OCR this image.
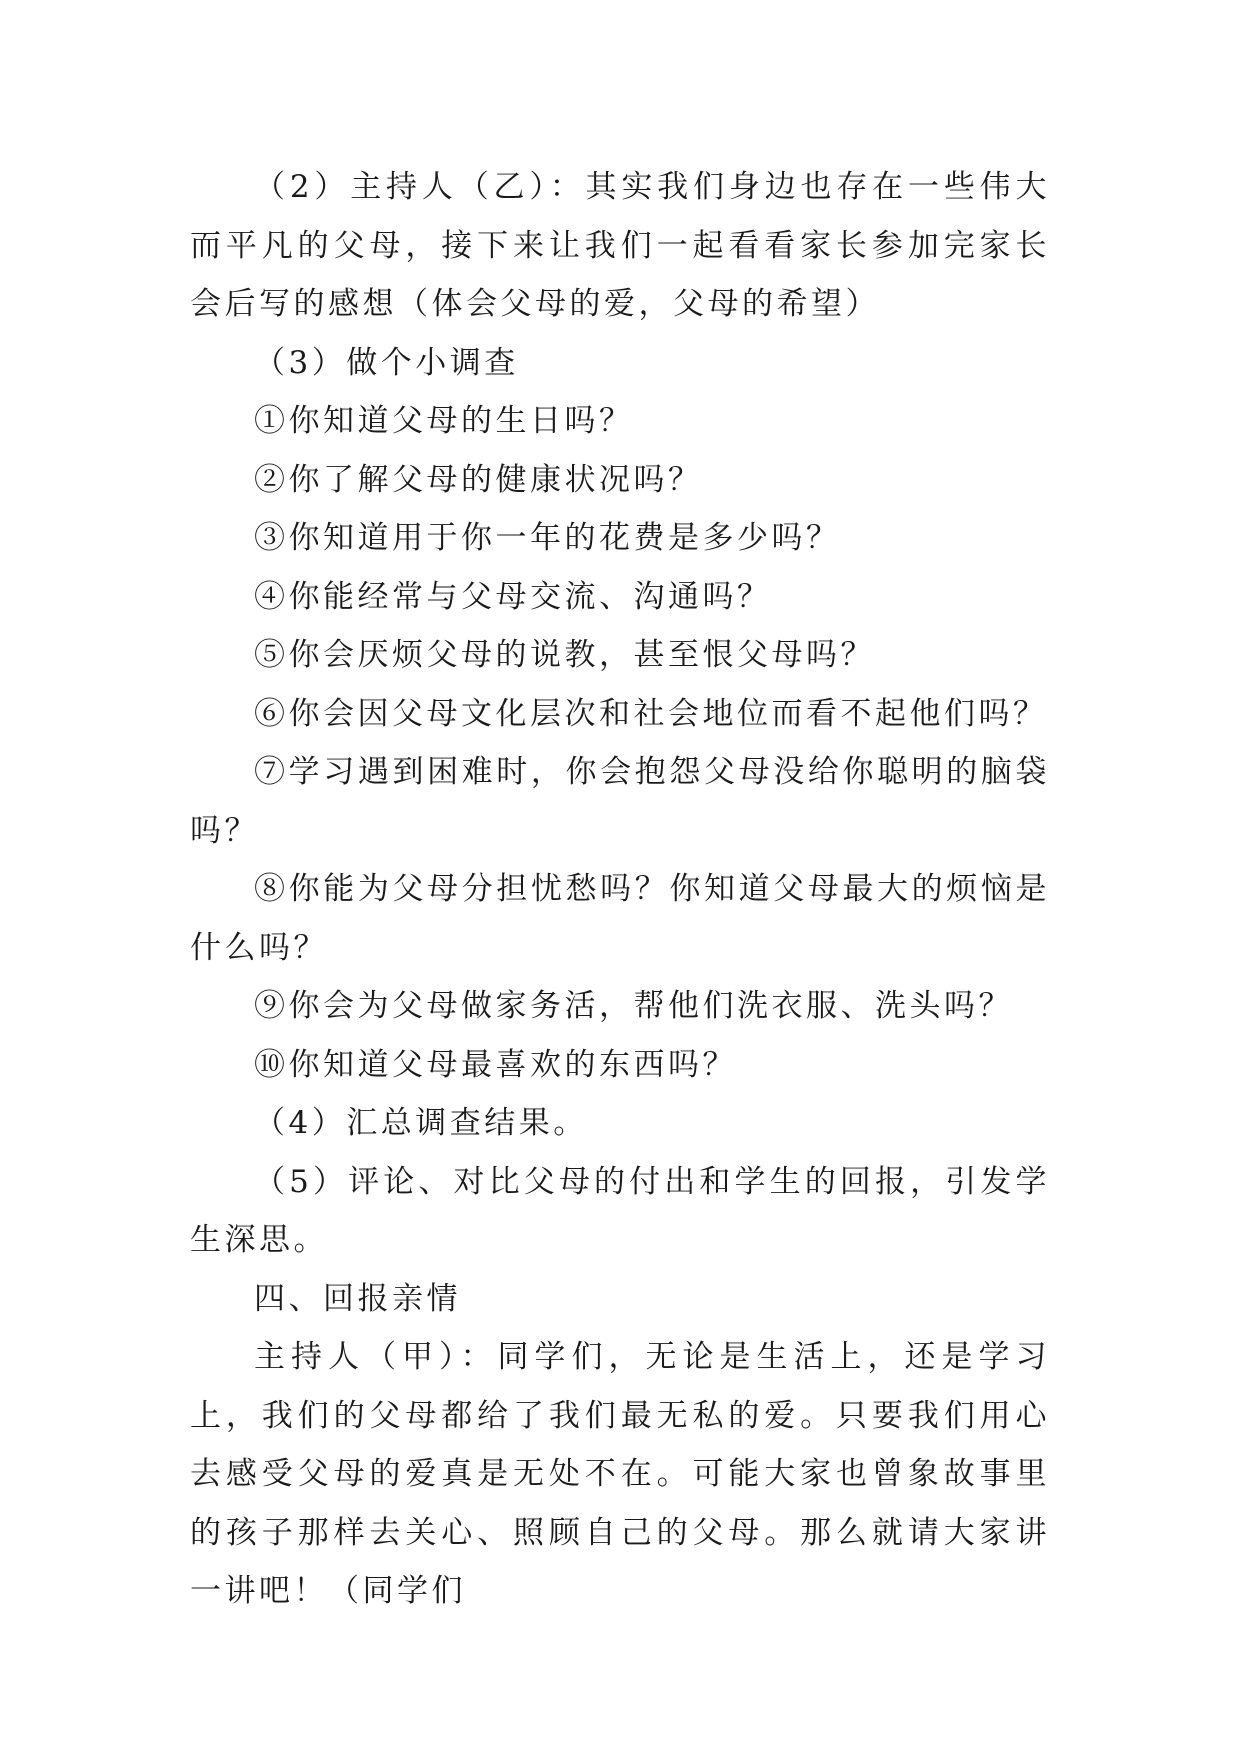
（2）主持人（乙）：其实我们身边也存在一些伟大而平凡的父母，接下来让我们一起看看家长参加完家长会后写的感想（体会父母的爱，父母的希望）

（3）做个小调查

①你知道父母的生日吗？

②你了解父母的健康状况吗？

③你知道用于你一年的花费是多少吗？

④你能经常与父母交流、沟通吗？

⑤你会厌烦父母的说教，甚至恨父母吗？

⑥你会因父母文化层次和社会地位而看不起他们吗？

⑦学习遇到困难时，你会抱怨父母没给你聪明的脑袋吗？

⑧你能为父母分担忧愁吗？你知道父母最大的烦恼是什么吗？

⑨你会为父母做家务活，帮他们洗衣服、洗头吗？

⑩你知道父母最喜欢的东西吗？

（4）汇总调查结果。

（5）评论、对比父母的付出和学生的回报，引发学生深思。

四、回报亲情

主持人（甲）：同学们，无论是生活上，还是学习上，我们的父母都给了我们最无私的爱。只要我们用心去感受父母的爱真是无处不在。可能大家也曾象故事里的孩子那样去关心、照顾自己的父母。那么就请大家讲一讲吧！（同学们
